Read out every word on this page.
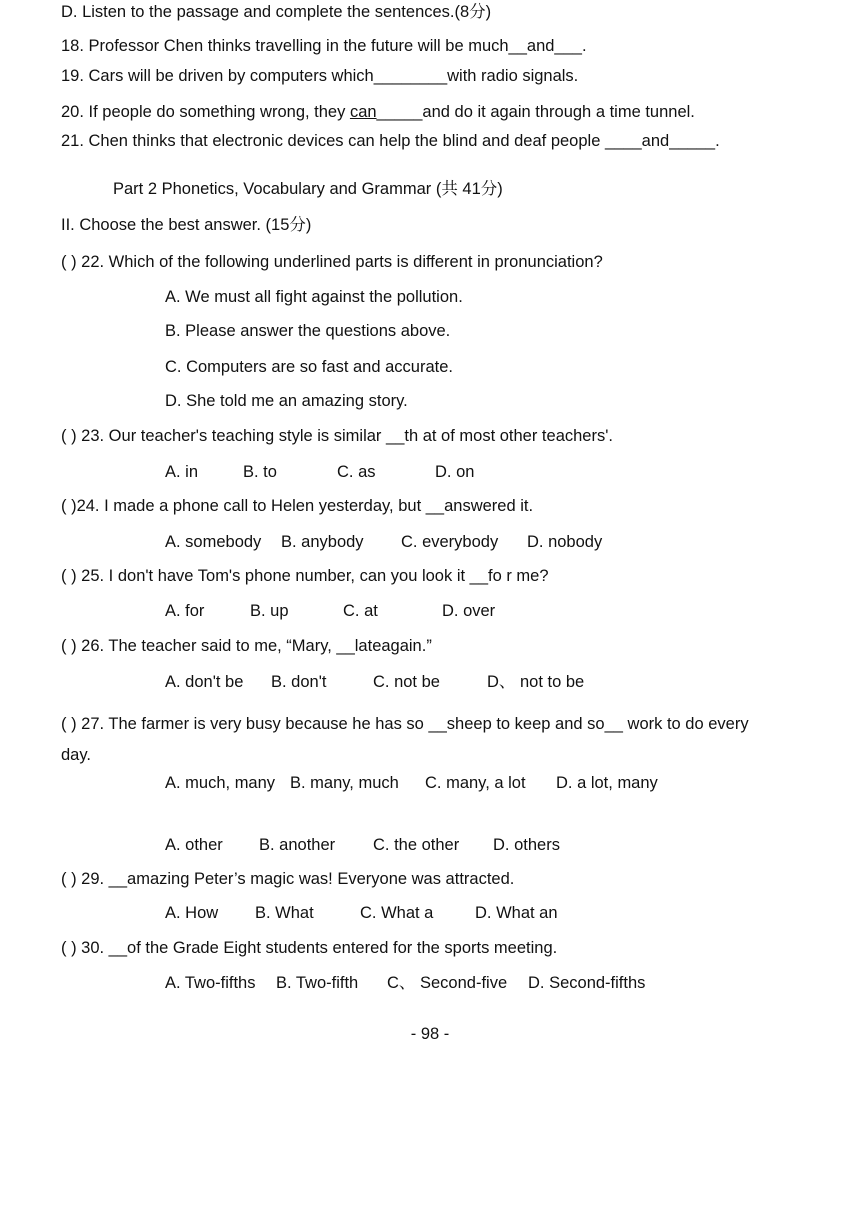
D. Listen to the passage and complete the sentences.(8分)
18. Professor Chen thinks travelling in the future will be much__and___.
19. Cars will be driven by computers which________with radio signals.
20. If people do something wrong, they can_____and do it again through a time tunnel.
21. Chen thinks that electronic devices can help the blind and deaf people ____and_____.
Part 2 Phonetics, Vocabulary and Grammar (共 41分)
II. Choose the best answer. (15分)
( ) 22. Which of the following underlined parts is different in pronunciation?
A. We must all fight against the pollution.
B. Please answer the questions above.
C. Computers are so fast and accurate.
D. She told me an amazing story.
( ) 23. Our teacher's teaching style is similar __th at of most other teachers'.
A. in	B. to	C. as	D. on
( )24. I made a phone call to Helen yesterday, but __answered it.
A. somebody B. anybody C. everybody D. nobody
( ) 25. I don't have Tom's phone number, can you look it __fo r me?
A. for	B. up	C. at	D. over
( ) 26. The teacher said to me, “Mary, __lateagain.”
A. don't be B. don't	C. not be	D、 not to be
( ) 27. The farmer is very busy because he has so __sheep to keep and so__ work to do every
day.
A. much, many B. many, much C. many, a lot D. a lot, many
A. other B. another C. the other D. others
( ) 29. __amazing Peter’s magic was! Everyone was attracted.
A. How B. What	C. What a	D. What an
( ) 30. __of the Grade Eight students entered for the sports meeting.
A. Two-fifths B. Two-fifth C、 Second-five D. Second-fifths
- 98 -
